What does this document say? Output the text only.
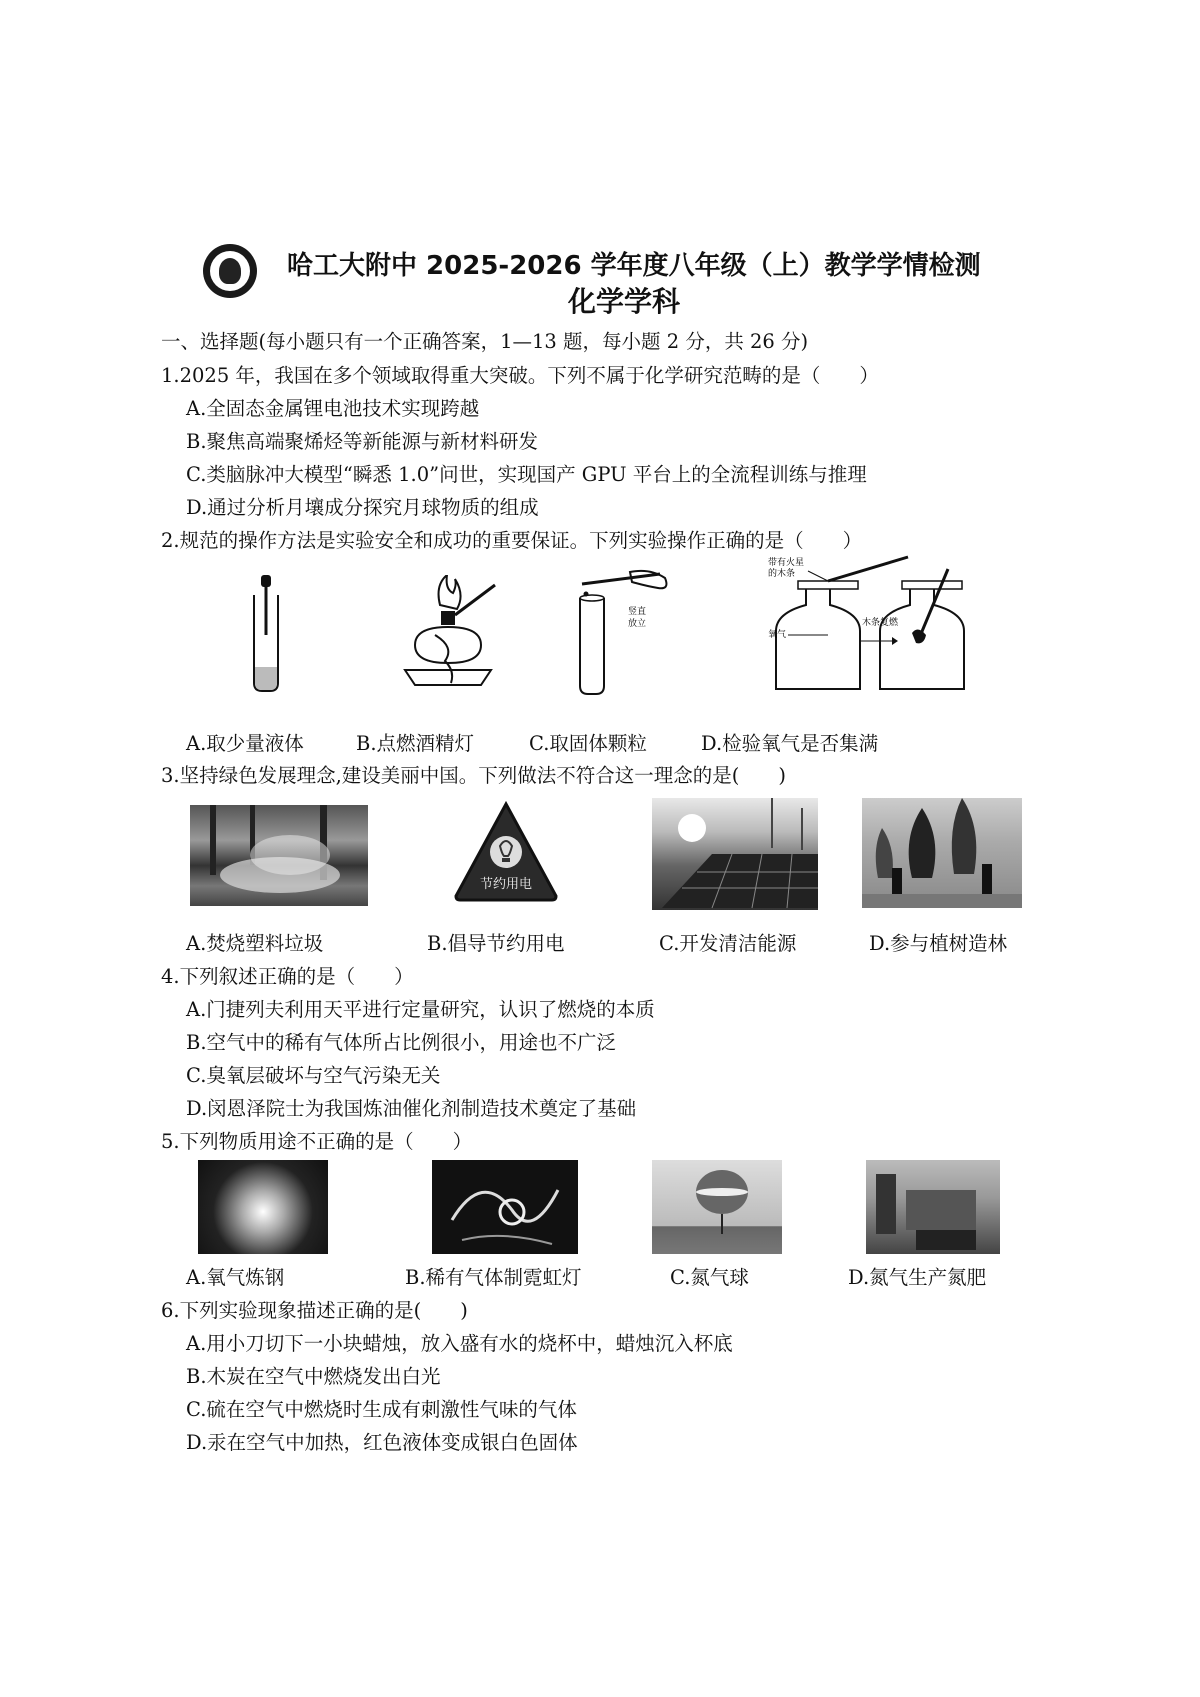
哈工大附中 2025-2026 学年度八年级（上）教学学情检测
化学学科
一、选择题(每小题只有一个正确答案，1—13 题，每小题 2 分，共 26 分)
1.2025 年，我国在多个领域取得重大突破。下列不属于化学研究范畴的是（　　）
A.全固态金属锂电池技术实现跨越
B.聚焦高端聚烯烃等新能源与新材料研发
C.类脑脉冲大模型“瞬悉 1.0”问世，实现国产 GPU 平台上的全流程训练与推理
D.通过分析月壤成分探究月球物质的组成
2.规范的操作方法是实验安全和成功的重要保证。下列实验操作正确的是（　　）
竖直
放立
带有火星
的木条
氧气
木条复燃
A.取少量液体	B.点燃酒精灯	C.取固体颗粒	D.检验氧气是否集满
3.坚持绿色发展理念,建设美丽中国。下列做法不符合这一理念的是(　　)
节约用电
A.焚烧塑料垃圾	B.倡导节约用电	C.开发清洁能源	D.参与植树造林
4.下列叙述正确的是（　　）
A.门捷列夫利用天平进行定量研究，认识了燃烧的本质
B.空气中的稀有气体所占比例很小，用途也不广泛
C.臭氧层破坏与空气污染无关
D.闵恩泽院士为我国炼油催化剂制造技术奠定了基础
5.下列物质用途不正确的是（　　）
A.氧气炼钢	B.稀有气体制霓虹灯	C.氮气球	D.氮气生产氮肥
6.下列实验现象描述正确的是(　　)
A.用小刀切下一小块蜡烛，放入盛有水的烧杯中，蜡烛沉入杯底
B.木炭在空气中燃烧发出白光
C.硫在空气中燃烧时生成有刺激性气味的气体
D.汞在空气中加热，红色液体变成银白色固体
